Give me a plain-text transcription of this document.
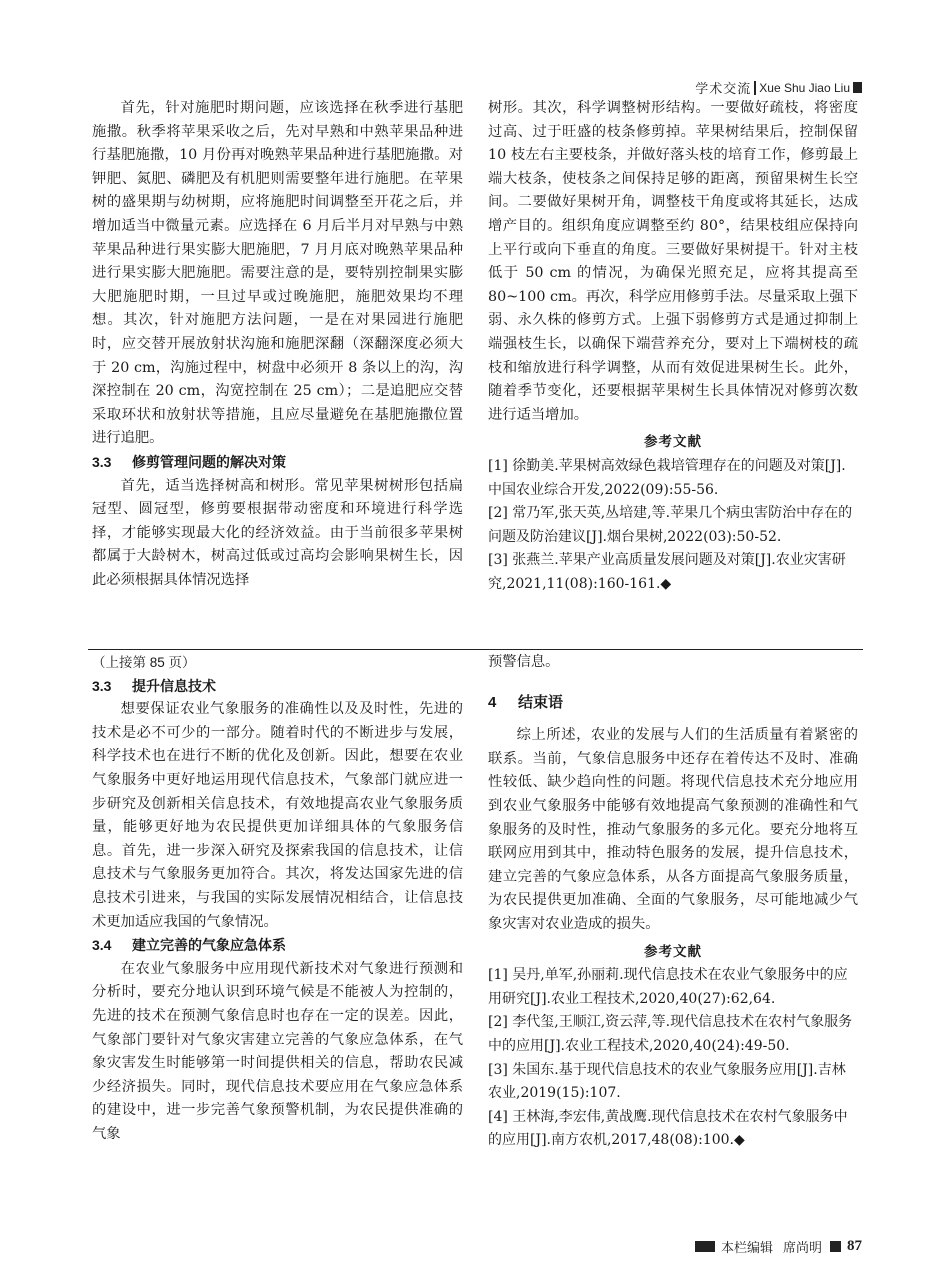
学术交流 Xue Shu Jiao Liu

首先，针对施肥时期问题，应该选择在秋季进行基肥施撒。秋季将苹果采收之后，先对早熟和中熟苹果品种进行基肥施撒，10 月份再对晚熟苹果品种进行基肥施撒。对钾肥、氮肥、磷肥及有机肥则需要整年进行施肥。在苹果树的盛果期与幼树期，应将施肥时间调整至开花之后，并增加适当中微量元素。应选择在 6 月后半月对早熟与中熟苹果品种进行果实膨大肥施肥，7 月月底对晚熟苹果品种进行果实膨大肥施肥。需要注意的是，要特别控制果实膨大肥施肥时期，一旦过早或过晚施肥，施肥效果均不理想。其次，针对施肥方法问题，一是在对果园进行施肥时，应交替开展放射状沟施和施肥深翻（深翻深度必须大于 20 cm，沟施过程中，树盘中必须开 8 条以上的沟，沟深控制在 20 cm，沟宽控制在 25 cm）；二是追肥应交替采取环状和放射状等措施，且应尽量避免在基肥施撒位置进行追肥。

3.3 修剪管理问题的解决对策

首先，适当选择树高和树形。常见苹果树树形包括扁冠型、圆冠型，修剪要根据带动密度和环境进行科学选择，才能够实现最大化的经济效益。由于当前很多苹果树都属于大龄树木，树高过低或过高均会影响果树生长，因此必须根据具体情况选择

树形。其次，科学调整树形结构。一要做好疏枝，将密度过高、过于旺盛的枝条修剪掉。苹果树结果后，控制保留 10 枝左右主要枝条，并做好落头枝的培育工作，修剪最上端大枝条，使枝条之间保持足够的距离，预留果树生长空间。二要做好果树开角，调整枝干角度或将其延长，达成增产目的。组织角度应调整至约 80°，结果枝组应保持向上平行或向下垂直的角度。三要做好果树提干。针对主枝低于 50 cm 的情况，为确保光照充足，应将其提高至 80~100 cm。再次，科学应用修剪手法。尽量采取上强下弱、永久株的修剪方式。上强下弱修剪方式是通过抑制上端强枝生长，以确保下端营养充分，要对上下端树枝的疏枝和缩放进行科学调整，从而有效促进果树生长。此外，随着季节变化，还要根据苹果树生长具体情况对修剪次数进行适当增加。

参考文献

[1] 徐勤美.苹果树高效绿色栽培管理存在的问题及对策[J].中国农业综合开发,2022(09):55-56.

[2] 常乃军,张天英,丛培建,等.苹果几个病虫害防治中存在的问题及防治建议[J].烟台果树,2022(03):50-52.

[3] 张燕兰.苹果产业高质量发展问题及对策[J].农业灾害研究,2021,11(08):160-161.◆

（上接第 85 页）
3.3 提升信息技术

想要保证农业气象服务的准确性以及及时性，先进的技术是必不可少的一部分。随着时代的不断进步与发展，科学技术也在进行不断的优化及创新。因此，想要在农业气象服务中更好地运用现代信息技术，气象部门就应进一步研究及创新相关信息技术，有效地提高农业气象服务质量，能够更好地为农民提供更加详细具体的气象服务信息。首先，进一步深入研究及探索我国的信息技术，让信息技术与气象服务更加符合。其次，将发达国家先进的信息技术引进来，与我国的实际发展情况相结合，让信息技术更加适应我国的气象情况。

3.4 建立完善的气象应急体系

在农业气象服务中应用现代新技术对气象进行预测和分析时，要充分地认识到环境气候是不能被人为控制的，先进的技术在预测气象信息时也存在一定的误差。因此，气象部门要针对气象灾害建立完善的气象应急体系，在气象灾害发生时能够第一时间提供相关的信息，帮助农民减少经济损失。同时，现代信息技术要应用在气象应急体系的建设中，进一步完善气象预警机制，为农民提供准确的气象

预警信息。

4 结束语

综上所述，农业的发展与人们的生活质量有着紧密的联系。当前，气象信息服务中还存在着传达不及时、准确性较低、缺少趋向性的问题。将现代信息技术充分地应用到农业气象服务中能够有效地提高气象预测的准确性和气象服务的及时性，推动气象服务的多元化。要充分地将互联网应用到其中，推动特色服务的发展，提升信息技术，建立完善的气象应急体系，从各方面提高气象服务质量，为农民提供更加准确、全面的气象服务，尽可能地减少气象灾害对农业造成的损失。

参考文献

[1] 吴丹,单军,孙丽莉.现代信息技术在农业气象服务中的应用研究[J].农业工程技术,2020,40(27):62,64.

[2] 李代玺,王顺江,资云萍,等.现代信息技术在农村气象服务中的应用[J].农业工程技术,2020,40(24):49-50.

[3] 朱国东.基于现代信息技术的农业气象服务应用[J].吉林农业,2019(15):107.

[4] 王林海,李宏伟,黄战鹰.现代信息技术在农村气象服务中的应用[J].南方农机,2017,48(08):100.◆

本栏编辑 席尚明 87
